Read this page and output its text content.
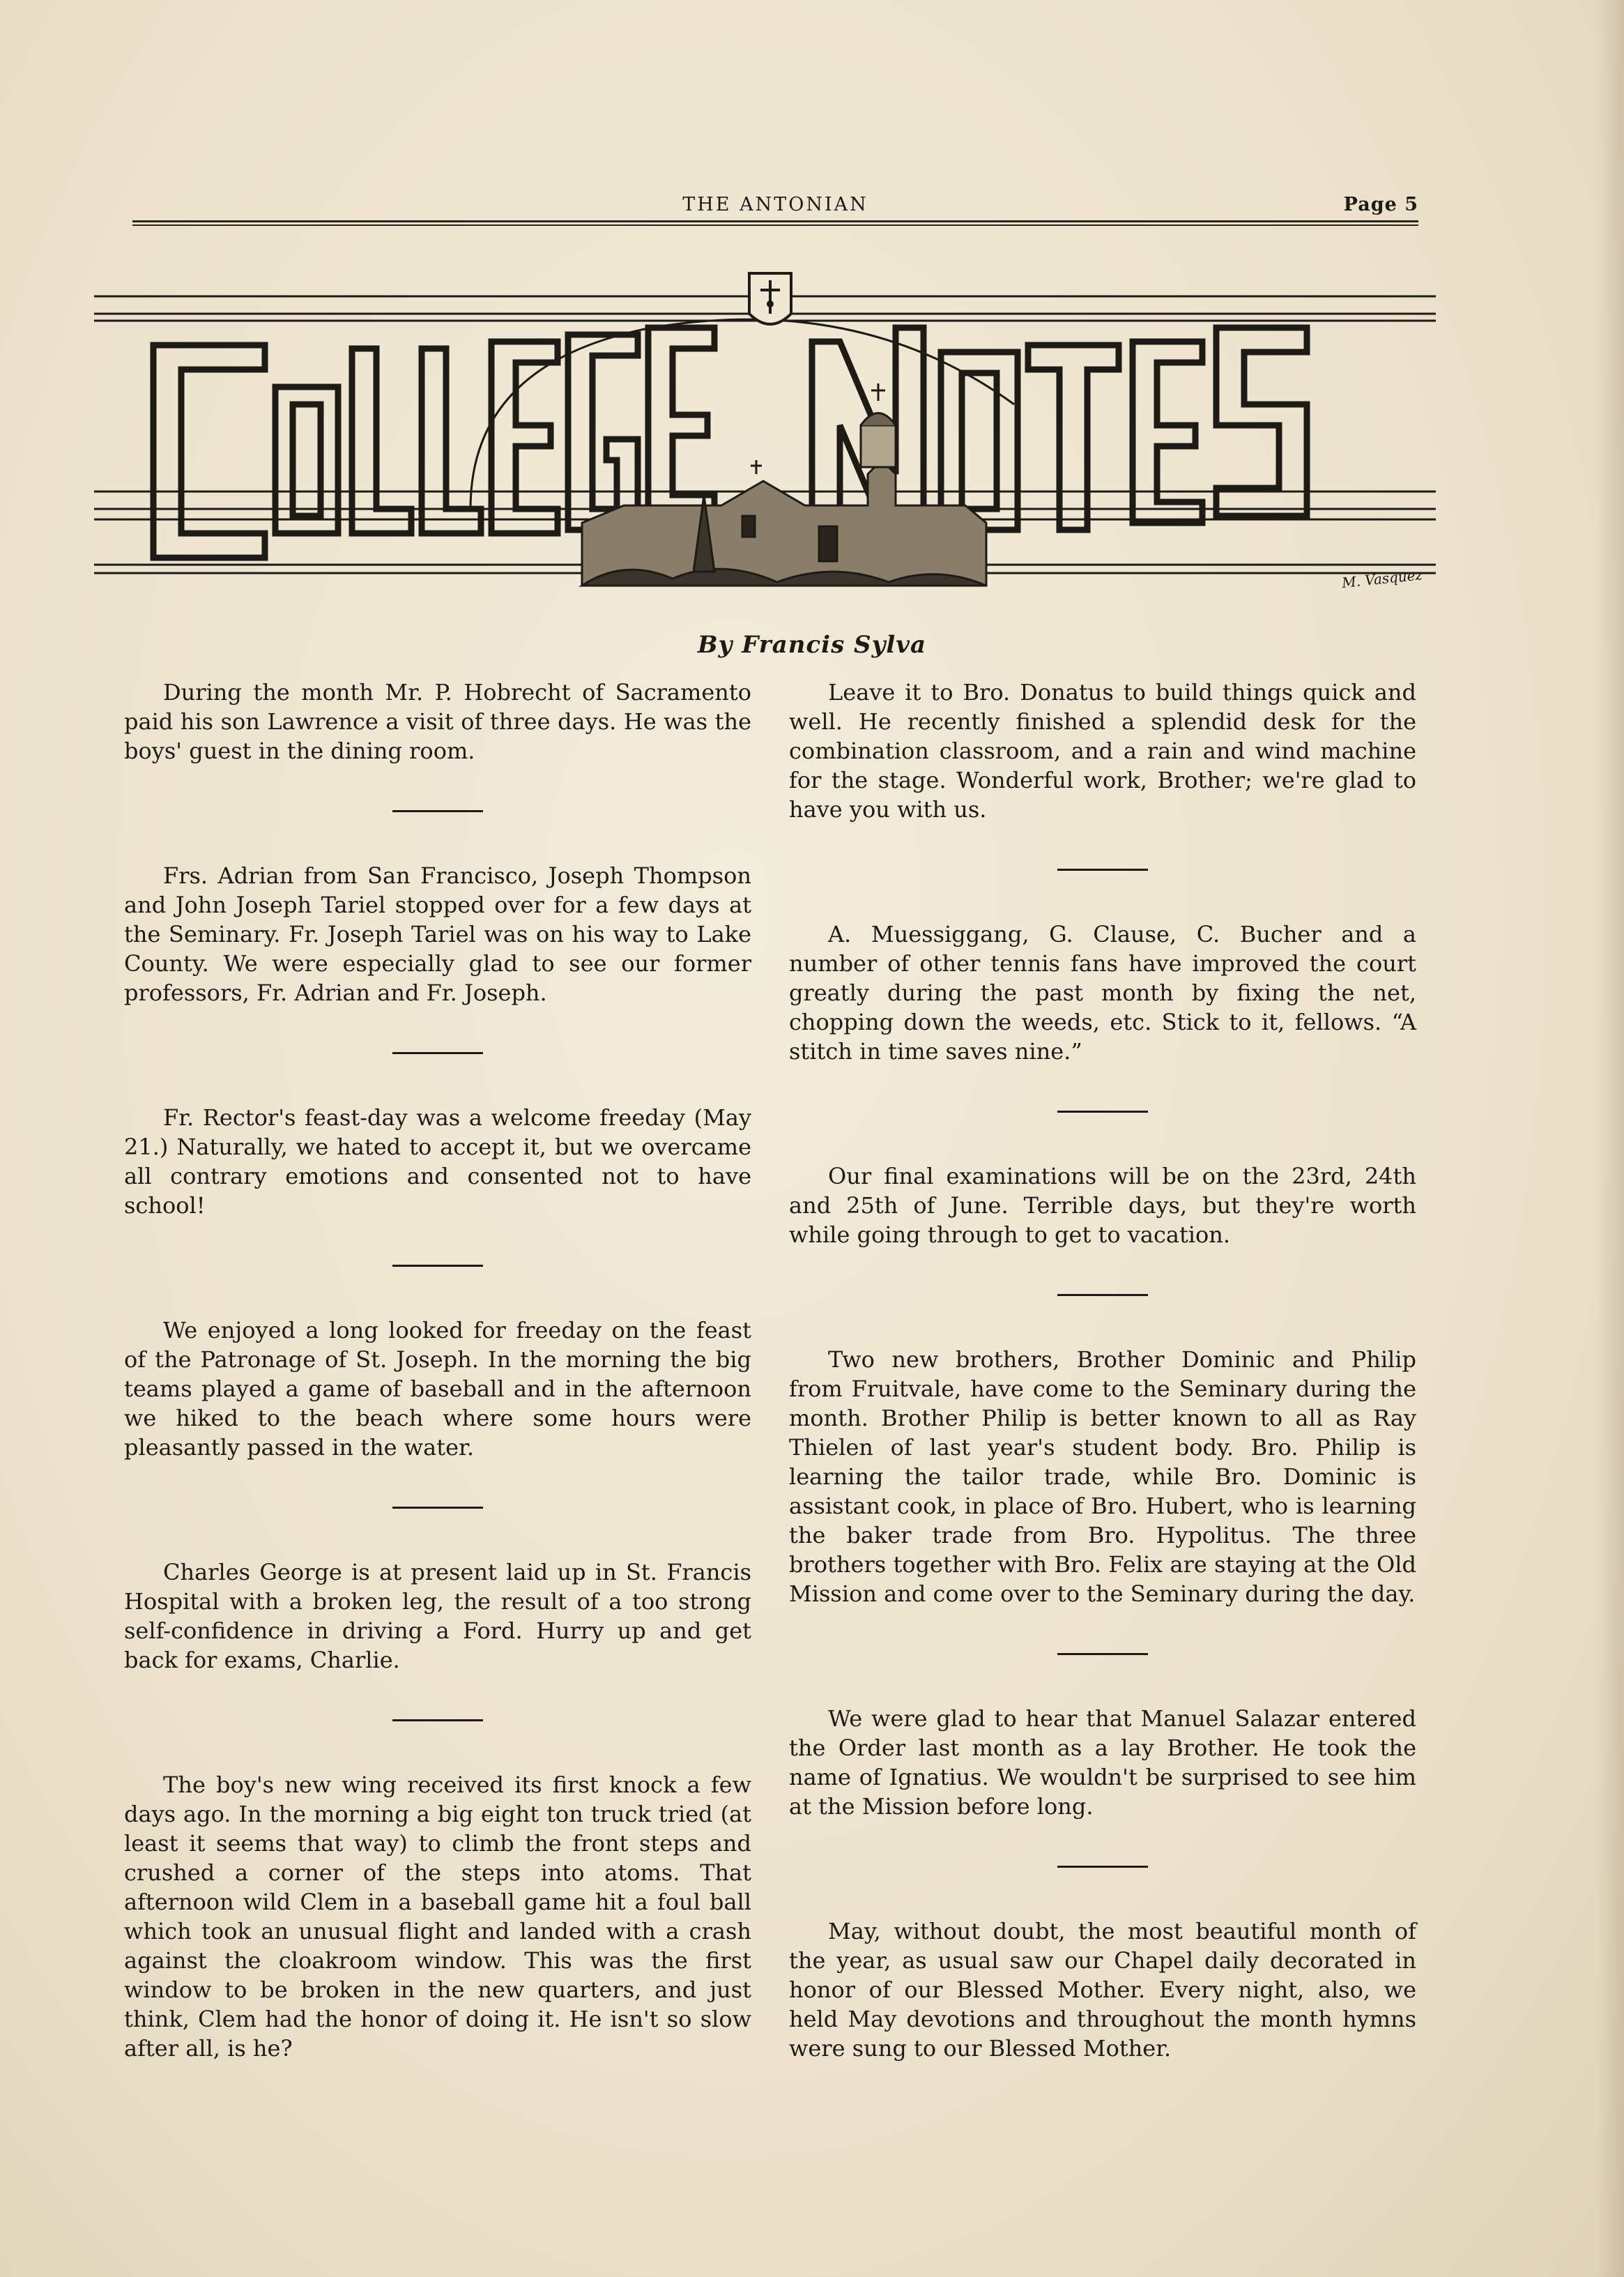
THE ANTONIAN	Page 5
M. Vasquez
By Francis Sylva

During the month Mr. P. Hobrecht of Sacramento paid his son Lawrence a visit of three days. He was the boys' guest in the dining room.

Frs. Adrian from San Francisco, Joseph Thompson and John Joseph Tariel stopped over for a few days at the Seminary. Fr. Joseph Tariel was on his way to Lake County. We were especially glad to see our former professors, Fr. Adrian and Fr. Joseph.

Fr. Rector's feast-day was a welcome freeday (May 21.) Naturally, we hated to accept it, but we overcame all contrary emotions and consented not to have school!

We enjoyed a long looked for freeday on the feast of the Patronage of St. Joseph. In the morning the big teams played a game of baseball and in the afternoon we hiked to the beach where some hours were pleasantly passed in the water.

Charles George is at present laid up in St. Francis Hospital with a broken leg, the result of a too strong self-confidence in driving a Ford. Hurry up and get back for exams, Charlie.

The boy's new wing received its first knock a few days ago. In the morning a big eight ton truck tried (at least it seems that way) to climb the front steps and crushed a corner of the steps into atoms. That afternoon wild Clem in a baseball game hit a foul ball which took an unusual flight and landed with a crash against the cloakroom window. This was the first window to be broken in the new quarters, and just think, Clem had the honor of doing it. He isn't so slow after all, is he?

Leave it to Bro. Donatus to build things quick and well. He recently finished a splendid desk for the combination classroom, and a rain and wind machine for the stage. Wonderful work, Brother; we're glad to have you with us.

A. Muessiggang, G. Clause, C. Bucher and a number of other tennis fans have improved the court greatly during the past month by fixing the net, chopping down the weeds, etc. Stick to it, fellows. “A stitch in time saves nine.”

Our final examinations will be on the 23rd, 24th and 25th of June. Terrible days, but they're worth while going through to get to vacation.

Two new brothers, Brother Dominic and Philip from Fruitvale, have come to the Seminary during the month. Brother Philip is better known to all as Ray Thielen of last year's student body. Bro. Philip is learning the tailor trade, while Bro. Dominic is assistant cook, in place of Bro. Hubert, who is learning the baker trade from Bro. Hypolitus. The three brothers together with Bro. Felix are staying at the Old Mission and come over to the Seminary during the day.

We were glad to hear that Manuel Salazar entered the Order last month as a lay Brother. He took the name of Ignatius. We wouldn't be surprised to see him at the Mission before long.

May, without doubt, the most beautiful month of the year, as usual saw our Chapel daily decorated in honor of our Blessed Mother. Every night, also, we held May devotions and throughout the month hymns were sung to our Blessed Mother.
